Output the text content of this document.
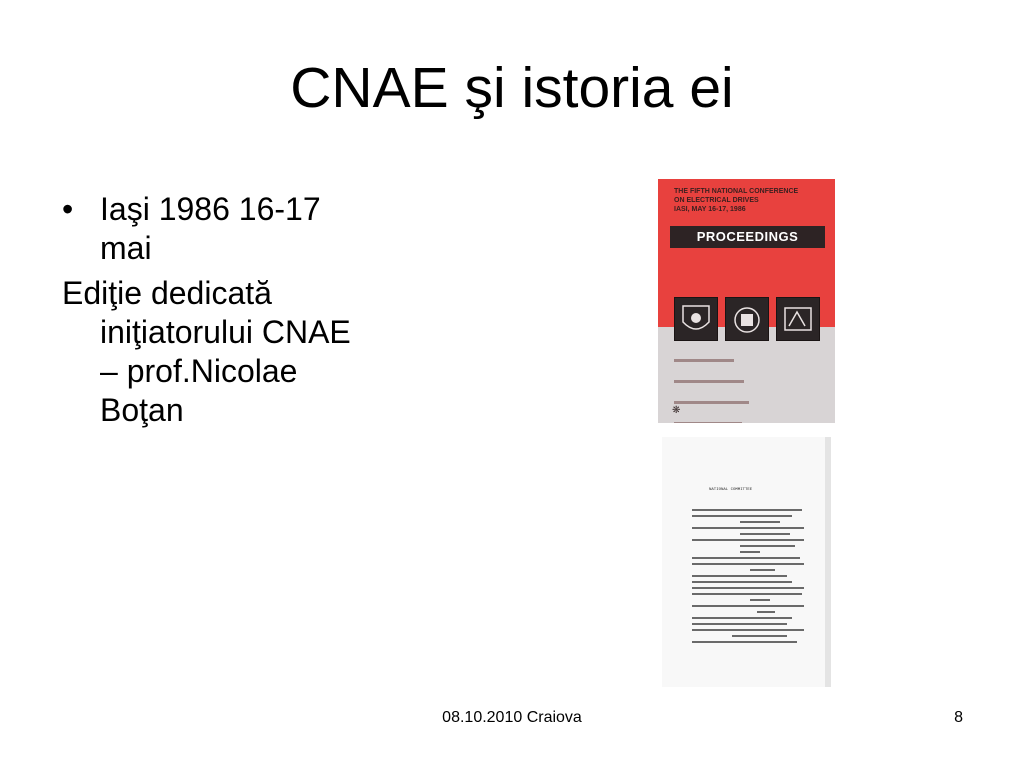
CNAE şi istoria ei
• Iaşi 1986 16-17 mai

Ediţie dedicată iniţiatorului CNAE – prof.Nicolae Boţan

THE FIFTH NATIONAL CONFERENCE
ON ELECTRICAL DRIVES
IASI, MAY 16-17, 1986
PROCEEDINGS

❋
NATIONAL COMMITTEE
08.10.2010 Craiova	8
